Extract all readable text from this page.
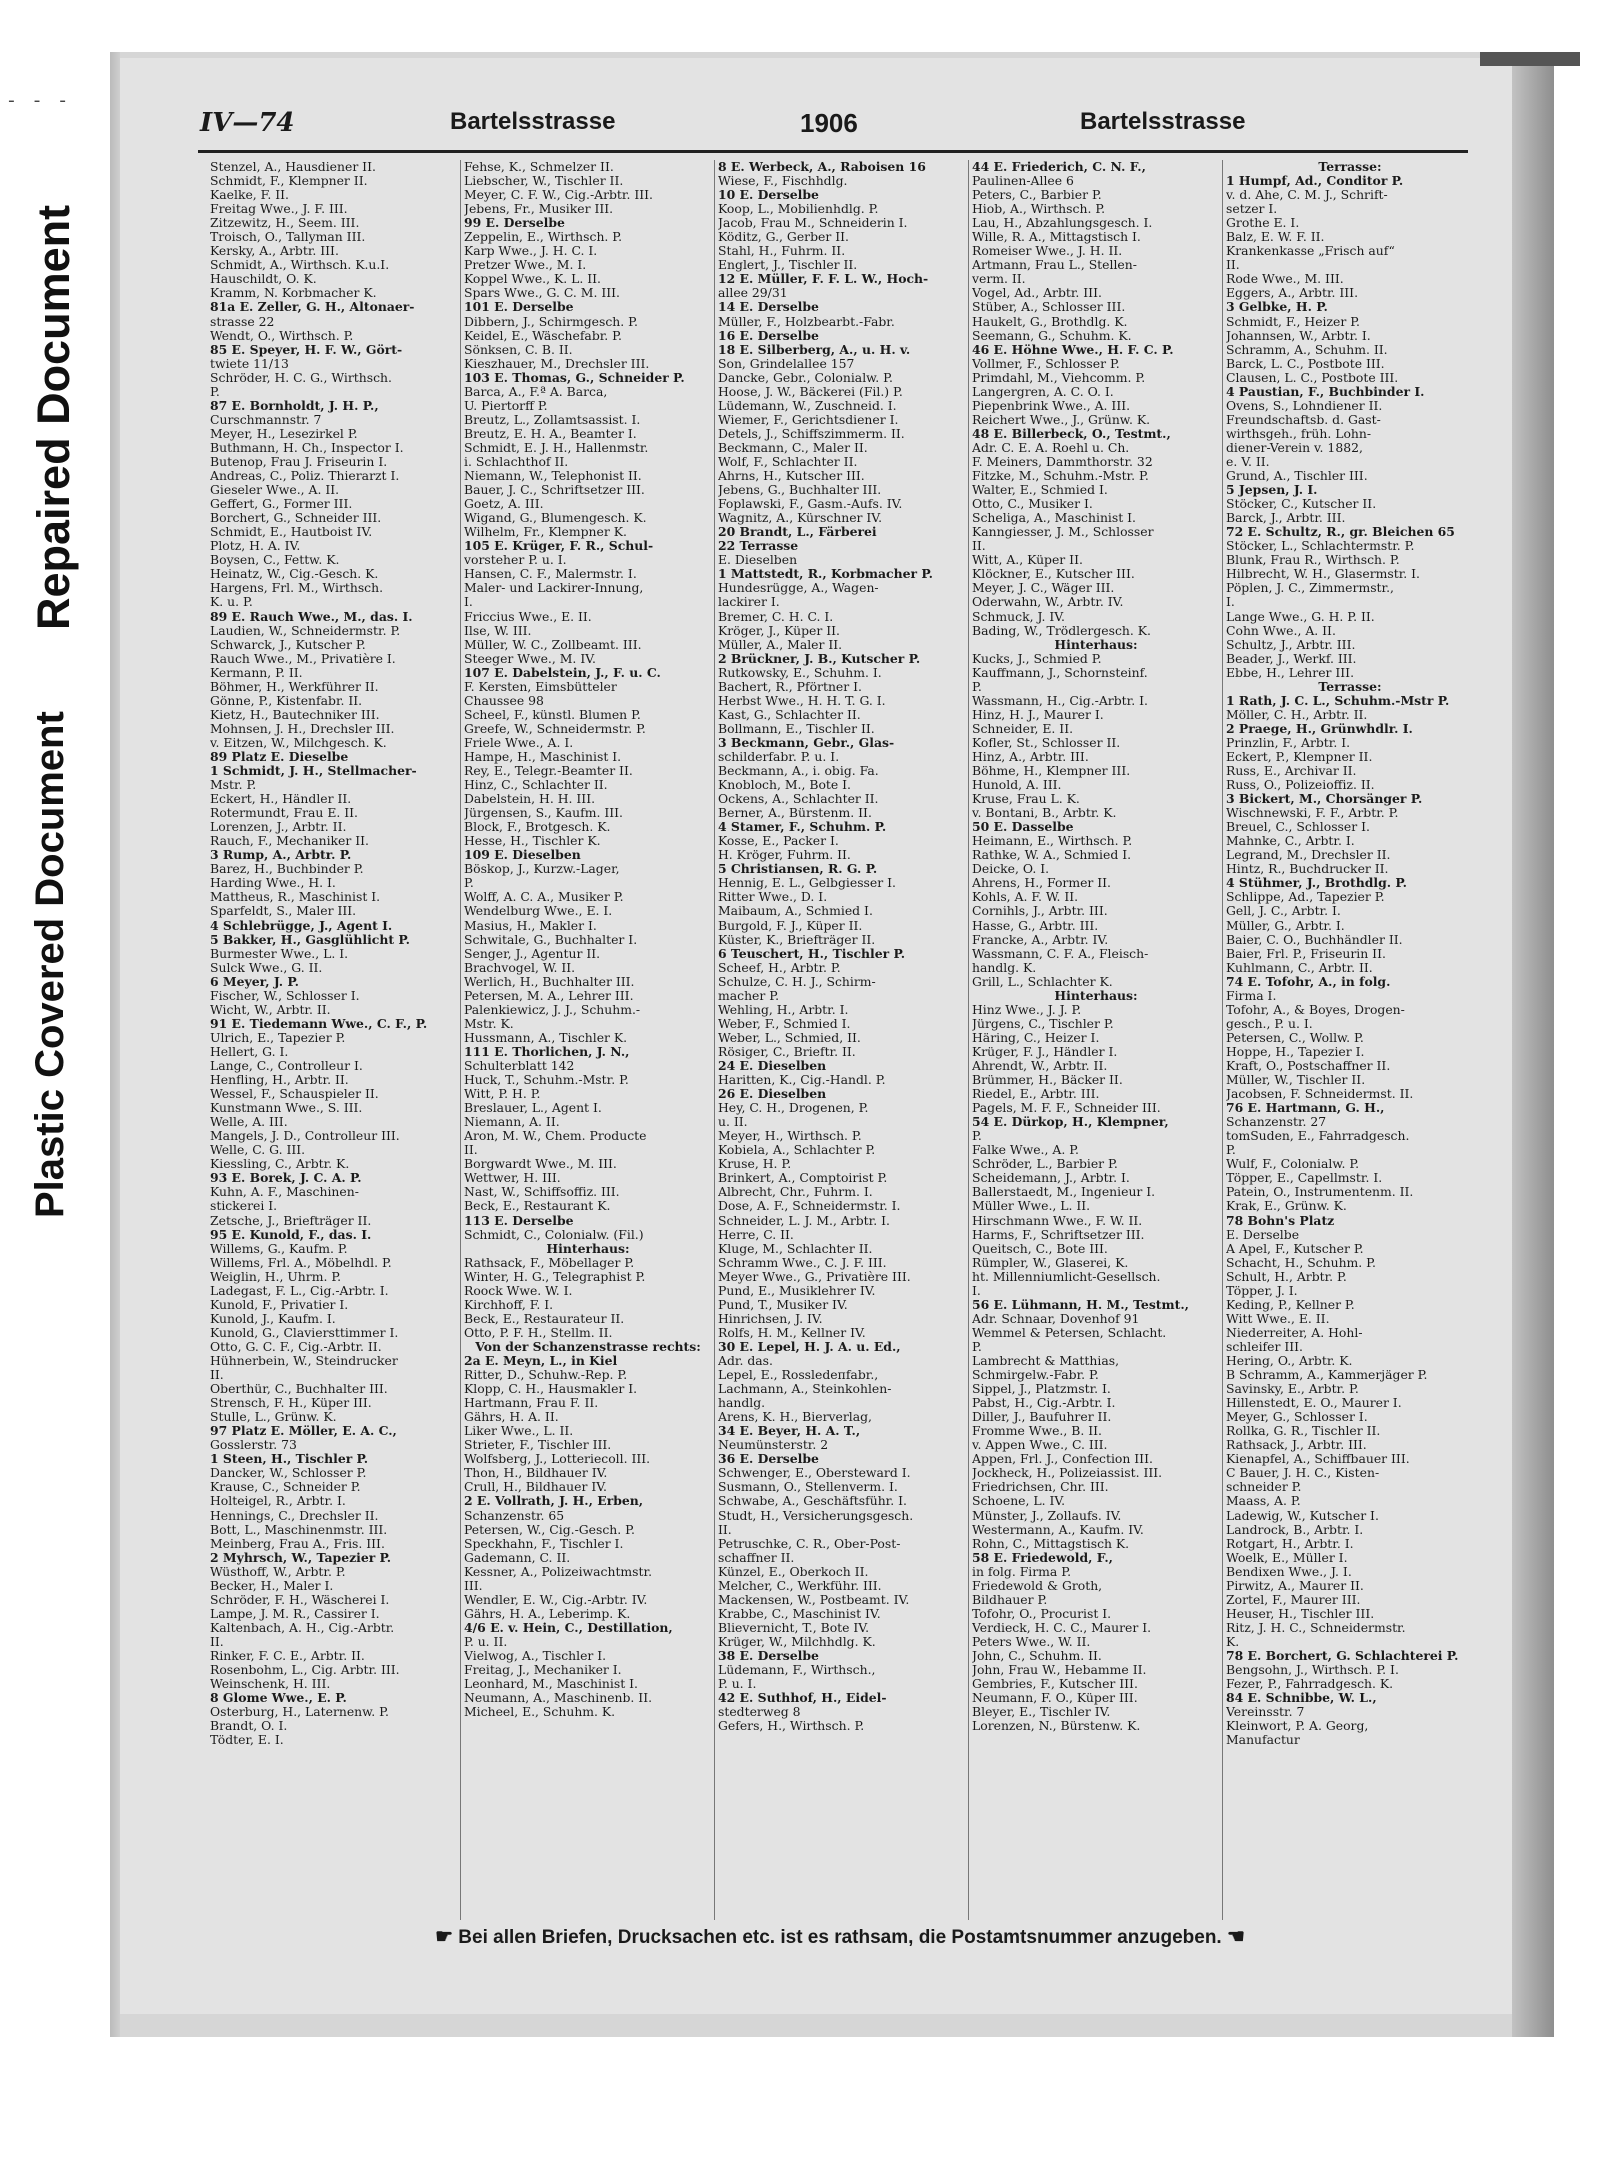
- - -
Plastic Covered Document
Repaired Document
IV—74	Bartelsstrasse	1906	Bartelsstrasse
Stenzel, A., Hausdiener II.
Schmidt, F., Klempner II.
Kaelke, F. II.
Freitag Wwe., J. F. III.
Zitzewitz, H., Seem. III.
Troisch, O., Tallyman III.
Kersky, A., Arbtr. III.
Schmidt, A., Wirthsch. K.u.I.
Hauschildt, O. K.
Kramm, N. Korbmacher K.
81a E. Zeller, G. H., Altonaer-
strasse 22
Wendt, O., Wirthsch. P.
85 E. Speyer, H. F. W., Gört-
twiete 11/13
Schröder, H. C. G., Wirthsch.
P.
87 E. Bornholdt, J. H. P.,
Curschmannstr. 7
Meyer, H., Lesezirkel P.
Buthmann, H. Ch., Inspector I.
Butenop, Frau J. Friseurin I.
Andreas, C., Poliz. Thierarzt I.
Gieseler Wwe., A. II.
Geffert, G., Former III.
Borchert, G., Schneider III.
Schmidt, E., Hautboist IV.
Plotz, H. A. IV.
Boysen, C., Fettw. K.
Heinatz, W., Cig.-Gesch. K.
Hargens, Frl. M., Wirthsch.
K. u. P.
89 E. Rauch Wwe., M., das. I.
Laudien, W., Schneidermstr. P.
Schwarck, J., Kutscher P.
Rauch Wwe., M., Privatière I.
Kermann, P. II.
Böhmer, H., Werkführer II.
Gönne, P., Kistenfabr. II.
Kietz, H., Bautechniker III.
Mohnsen, J. H., Drechsler III.
v. Eitzen, W., Milchgesch. K.
89 Platz E. Dieselbe
1 Schmidt, J. H., Stellmacher-
Mstr. P.
Eckert, H., Händler II.
Rotermundt, Frau E. II.
Lorenzen, J., Arbtr. II.
Rauch, F., Mechaniker II.
3 Rump, A., Arbtr. P.
Barez, H., Buchbinder P.
Harding Wwe., H. I.
Mattheus, R., Maschinist I.
Sparfeldt, S., Maler III.
4 Schlebrügge, J., Agent I.
5 Bakker, H., Gasglühlicht P.
Burmester Wwe., L. I.
Sulck Wwe., G. II.
6 Meyer, J. P.
Fischer, W., Schlosser I.
Wicht, W., Arbtr. II.
91 E. Tiedemann Wwe., C. F., P.
Ulrich, E., Tapezier P.
Hellert, G. I.
Lange, C., Controlleur I.
Henfling, H., Arbtr. II.
Wessel, F., Schauspieler II.
Kunstmann Wwe., S. III.
Welle, A. III.
Mangels, J. D., Controlleur III.
Welle, C. G. III.
Kiessling, C., Arbtr. K.
93 E. Borek, J. C. A. P.
Kuhn, A. F., Maschinen-
stickerei I.
Zetsche, J., Briefträger II.
95 E. Kunold, F., das. I.
Willems, G., Kaufm. P.
Willems, Frl. A., Möbelhdl. P.
Weiglin, H., Uhrm. P.
Ladegast, F. L., Cig.-Arbtr. I.
Kunold, F., Privatier I.
Kunold, J., Kaufm. I.
Kunold, G., Claviersttimmer I.
Otto, G. C. F., Cig.-Arbtr. II.
Hühnerbein, W., Steindrucker
II.
Oberthür, C., Buchhalter III.
Strensch, F. H., Küper III.
Stulle, L., Grünw. K.
97 Platz E. Möller, E. A. C.,
Gosslerstr. 73
1 Steen, H., Tischler P.
Dancker, W., Schlosser P.
Krause, C., Schneider P.
Holteigel, R., Arbtr. I.
Hennings, C., Drechsler II.
Bott, L., Maschinenmstr. III.
Meinberg, Frau A., Fris. III.
2 Myhrsch, W., Tapezier P.
Wüsthoff, W., Arbtr. P.
Becker, H., Maler I.
Schröder, F. H., Wäscherei I.
Lampe, J. M. R., Cassirer I.
Kaltenbach, A. H., Cig.-Arbtr.
II.
Rinker, F. C. E., Arbtr. II.
Rosenbohm, L., Cig. Arbtr. III.
Weinschenk, H. III.
8 Glome Wwe., E. P.
Osterburg, H., Laternenw. P.
Brandt, O. I.
Tödter, E. I.
Fehse, K., Schmelzer II.
Liebscher, W., Tischler II.
Meyer, C. F. W., Cig.-Arbtr. III.
Jebens, Fr., Musiker III.
99 E. Derselbe
Zeppelin, E., Wirthsch. P.
Karp Wwe., J. H. C. I.
Pretzer Wwe., M. I.
Koppel Wwe., K. L. II.
Spars Wwe., G. C. M. III.
101 E. Derselbe
Dibbern, J., Schirmgesch. P.
Keidel, E., Wäschefabr. P.
Sönksen, C. B. II.
Kieszhauer, M., Drechsler III.
103 E. Thomas, G., Schneider P.
Barca, A., F.ª A. Barca,
U. Piertorff P.
Breutz, L., Zollamtsassist. I.
Breutz, E. H. A., Beamter I.
Schmidt, E. J. H., Hallenmstr.
i. Schlachthof II.
Niemann, W., Telephonist II.
Bauer, J. C., Schriftsetzer III.
Goetz, A. III.
Wigand, G., Blumengesch. K.
Wilhelm, Fr., Klempner K.
105 E. Krüger, F. R., Schul-
vorsteher P. u. I.
Hansen, C. F., Malermstr. I.
Maler- und Lackirer-Innung,
I.
Friccius Wwe., E. II.
Ilse, W. III.
Müller, W. C., Zollbeamt. III.
Steeger Wwe., M. IV.
107 E. Dabelstein, J., F. u. C.
F. Kersten, Eimsbütteler
Chaussee 98
Scheel, F., künstl. Blumen P.
Greefe, W., Schneidermstr. P.
Friele Wwe., A. I.
Hampe, H., Maschinist I.
Rey, E., Telegr.-Beamter II.
Hinz, C., Schlachter II.
Dabelstein, H. H. III.
Jürgensen, S., Kaufm. III.
Block, F., Brotgesch. K.
Hesse, H., Tischler K.
109 E. Dieselben
Böskop, J., Kurzw.-Lager,
P.
Wolff, A. C. A., Musiker P.
Wendelburg Wwe., E. I.
Masius, H., Makler I.
Schwitale, G., Buchhalter I.
Senger, J., Agentur II.
Brachvogel, W. II.
Werlich, H., Buchhalter III.
Petersen, M. A., Lehrer III.
Palenkiewicz, J. J., Schuhm.-
Mstr. K.
Hussmann, A., Tischler K.
111 E. Thorlichen, J. N.,
Schulterblatt 142
Huck, T., Schuhm.-Mstr. P.
Witt, P. H. P.
Breslauer, L., Agent I.
Niemann, A. II.
Aron, M. W., Chem. Producte
II.
Borgwardt Wwe., M. III.
Wettwer, H. III.
Nast, W., Schiffsoffiz. III.
Beck, E., Restaurant K.
113 E. Derselbe
Schmidt, C., Colonialw. (Fil.)
Hinterhaus:
Rathsack, F., Möbellager P.
Winter, H. G., Telegraphist P.
Roock Wwe. W. I.
Kirchhoff, F. I.
Beck, E., Restaurateur II.
Otto, P. F. H., Stellm. II.
Von der Schanzenstrasse rechts:
2a E. Meyn, L., in Kiel
Ritter, D., Schuhw.-Rep. P.
Klopp, C. H., Hausmakler I.
Hartmann, Frau F. II.
Gährs, H. A. II.
Liker Wwe., L. II.
Strieter, F., Tischler III.
Wolfsberg, J., Lotteriecoll. III.
Thon, H., Bildhauer IV.
Crull, H., Bildhauer IV.
2 E. Vollrath, J. H., Erben,
Schanzenstr. 65
Petersen, W., Cig.-Gesch. P.
Speckhahn, F., Tischler I.
Gademann, C. II.
Kessner, A., Polizeiwachtmstr.
III.
Wendler, E. W., Cig.-Arbtr. IV.
Gährs, H. A., Leberimp. K.
4/6 E. v. Hein, C., Destillation,
P. u. II.
Vielwog, A., Tischler I.
Freitag, J., Mechaniker I.
Leonhard, M., Maschinist I.
Neumann, A., Maschinenb. II.
Micheel, E., Schuhm. K.
8 E. Werbeck, A., Raboisen 16
Wiese, F., Fischhdlg.
10 E. Derselbe
Koop, L., Mobilienhdlg. P.
Jacob, Frau M., Schneiderin I.
Köditz, G., Gerber II.
Stahl, H., Fuhrm. II.
Englert, J., Tischler II.
12 E. Müller, F. F. L. W., Hoch-
allee 29/31
14 E. Derselbe
Müller, F., Holzbearbt.-Fabr.
16 E. Derselbe
18 E. Silberberg, A., u. H. v.
Son, Grindelallee 157
Dancke, Gebr., Colonialw. P.
Hoose, J. W., Bäckerei (Fil.) P.
Lüdemann, W., Zuschneid. I.
Wiemer, F., Gerichtsdiener I.
Detels, J., Schiffszimmerm. II.
Beckmann, C., Maler II.
Wolf, F., Schlachter II.
Ahrns, H., Kutscher III.
Jebens, G., Buchhalter III.
Foplawski, F., Gasm.-Aufs. IV.
Wagnitz, A., Kürschner IV.
20 Brandt, L., Färberei
22 Terrasse
E. Dieselben
1 Mattstedt, R., Korbmacher P.
Hundesrügge, A., Wagen-
lackirer I.
Bremer, C. H. C. I.
Kröger, J., Küper II.
Müller, A., Maler II.
2 Brückner, J. B., Kutscher P.
Rutkowsky, E., Schuhm. I.
Bachert, R., Pförtner I.
Herbst Wwe., H. H. T. G. I.
Kast, G., Schlachter II.
Bollmann, E., Tischler II.
3 Beckmann, Gebr., Glas-
schilderfabr. P. u. I.
Beckmann, A., i. obig. Fa.
Knobloch, M., Bote I.
Ockens, A., Schlachter II.
Berner, A., Bürstenm. II.
4 Stamer, F., Schuhm. P.
Kosse, E., Packer I.
H. Kröger, Fuhrm. II.
5 Christiansen, R. G. P.
Hennig, E. L., Gelbgiesser I.
Ritter Wwe., D. I.
Maibaum, A., Schmied I.
Burgold, F. J., Küper II.
Küster, K., Briefträger II.
6 Teuschert, H., Tischler P.
Scheef, H., Arbtr. P.
Schulze, C. H. J., Schirm-
macher P.
Wehling, H., Arbtr. I.
Weber, F., Schmied I.
Weber, L., Schmied, II.
Rösiger, C., Brieftr. II.
24 E. Dieselben
Haritten, K., Cig.-Handl. P.
26 E. Dieselben
Hey, C. H., Drogenen, P.
u. II.
Meyer, H., Wirthsch. P.
Kobiela, A., Schlachter P.
Kruse, H. P.
Brinkert, A., Comptoirist P.
Albrecht, Chr., Fuhrm. I.
Dose, A. F., Schneidermstr. I.
Schneider, L. J. M., Arbtr. I.
Herre, C. II.
Kluge, M., Schlachter II.
Schramm Wwe., C. J. F. III.
Meyer Wwe., G., Privatière III.
Pund, E., Musiklehrer IV.
Pund, T., Musiker IV.
Hinrichsen, J. IV.
Rolfs, H. M., Kellner IV.
30 E. Lepel, H. J. A. u. Ed.,
Adr. das.
Lepel, E., Rossledeпfabr.,
Lachmann, A., Steinkohlen-
handlg.
Arens, K. H., Bierverlag,
34 E. Beyer, H. A. T.,
Neumünsterstr. 2
36 E. Derselbe
Schwenger, E., Obersteward I.
Susmann, O., Stellenverm. I.
Schwabe, A., Geschäftsführ. I.
Studt, H., Versicherungsgesch.
II.
Petruschke, C. R., Ober-Post-
schaffner II.
Künzel, E., Oberkoch II.
Melcher, C., Werkführ. III.
Mackensen, W., Postbeamt. IV.
Krabbe, C., Maschinist IV.
Blievernicht, T., Bote IV.
Krüger, W., Milchhdlg. K.
38 E. Derselbe
Lüdemann, F., Wirthsch.,
P. u. I.
42 E. Suthhof, H., Eidel-
stedterweg 8
Gefers, H., Wirthsch. P.
44 E. Friederich, C. N. F.,
Paulinen-Allee 6
Peters, C., Barbier P.
Hiob, A., Wirthsch. P.
Lau, H., Abzahlungsgesch. I.
Wille, R. A., Mittagstisch I.
Romeiser Wwe., J. H. II.
Artmann, Frau L., Stellen-
verm. II.
Vogel, Ad., Arbtr. III.
Stüber, A., Schlosser III.
Haukelt, G., Brothdlg. K.
Seemann, G., Schuhm. K.
46 E. Höhne Wwe., H. F. C. P.
Vollmer, F., Schlosser P.
Primdahl, M., Viehcomm. P.
Langergren, A. C. O. I.
Piepenbrink Wwe., A. III.
Reichert Wwe., J., Grünw. K.
48 E. Billerbeck, O., Testmt.,
Adr. C. E. A. Roehl u. Ch.
F. Meiners, Dammthorstr. 32
Fitzke, M., Schuhm.-Mstr. P.
Walter, E., Schmied I.
Otto, C., Musiker I.
Scheliga, A., Maschinist I.
Kanngiesser, J. M., Schlosser
II.
Witt, A., Küper II.
Klöckner, E., Kutscher III.
Meyer, J. C., Wäger III.
Oderwahn, W., Arbtr. IV.
Schmuck, J. IV.
Bading, W., Trödlergesch. K.
Hinterhaus:
Kucks, J., Schmied P.
Kauffmann, J., Schornsteinf.
P.
Wassmann, H., Cig.-Arbtr. I.
Hinz, H. J., Maurer I.
Schneider, E. II.
Kofler, St., Schlosser II.
Hinz, A., Arbtr. III.
Böhme, H., Klempner III.
Hunold, A. III.
Kruse, Frau L. K.
v. Bontani, B., Arbtr. K.
50 E. Dasselbe
Heimann, E., Wirthsch. P.
Rathke, W. A., Schmied I.
Deicke, O. I.
Ahrens, H., Former II.
Kohls, A. F. W. II.
Cornihls, J., Arbtr. III.
Hasse, G., Arbtr. III.
Francke, A., Arbtr. IV.
Wassmann, C. F. A., Fleisch-
handlg. K.
Grill, L., Schlachter K.
Hinterhaus:
Hinz Wwe., J. J. P.
Jürgens, C., Tischler P.
Häring, C., Heizer I.
Krüger, F. J., Händler I.
Ahrendt, W., Arbtr. II.
Brümmer, H., Bäcker II.
Riedel, E., Arbtr. III.
Pagels, M. F. F., Schneider III.
54 E. Dürkop, H., Klempner,
P.
Falke Wwe., A. P.
Schröder, L., Barbier P.
Scheidemann, J., Arbtr. I.
Ballerstaedt, M., Ingenieur I.
Müller Wwe., L. II.
Hirschmann Wwe., F. W. II.
Harms, F., Schriftsetzer III.
Queitsch, C., Bote III.
Rümpler, W., Glaserei, K.
ht. Millenniumlicht-Gesellsch.
I.
56 E. Lühmann, H. M., Testmt.,
Adr. Schnaar, Dovenhof 91
Wemmel & Petersen, Schlacht.
P.
Lambrecht & Matthias,
Schmirgelw.-Fabr. P.
Sippel, J., Platzmstr. I.
Pabst, H., Cig.-Arbtr. I.
Diller, J., Baufuhrer II.
Fromme Wwe., B. II.
v. Appen Wwe., C. III.
Appen, Frl. J., Confection III.
Jockheck, H., Polizeiassist. III.
Friedrichsen, Chr. III.
Schoene, L. IV.
Münster, J., Zollaufs. IV.
Westermann, A., Kaufm. IV.
Rohn, C., Mittagstisch K.
58 E. Friedewold, F.,
in folg. Firma P.
Friedewold & Groth,
Bildhauer P.
Tofohr, O., Procurist I.
Verdieck, H. C. C., Maurer I.
Peters Wwe., W. II.
John, C., Schuhm. II.
John, Frau W., Hebamme II.
Gembries, F., Kutscher III.
Neumann, F. O., Küper III.
Bleyer, E., Tischler IV.
Lorenzen, N., Bürstenw. K.
Terrasse:
1 Humpf, Ad., Conditor P.
v. d. Ahe, C. M. J., Schrift-
setzer I.
Grothe E. I.
Balz, E. W. F. II.
Krankenkasse „Frisch auf“
II.
Rode Wwe., M. III.
Eggers, A., Arbtr. III.
3 Gelbke, H. P.
Schmidt, F., Heizer P.
Johannsen, W., Arbtr. I.
Schramm, A., Schuhm. II.
Barck, L. C., Postbote III.
Clausen, L. C., Postbote III.
4 Paustian, F., Buchbinder I.
Ovens, S., Lohndiener II.
Freundschaftsb. d. Gast-
wirthsgeh., früh. Lohn-
diener-Verein v. 1882,
e. V. II.
Grund, A., Tischler III.
5 Jepsen, J. I.
Stöcker, C., Kutscher II.
Barck, J., Arbtr. III.
72 E. Schultz, R., gr. Bleichen 65
Stöcker, L., Schlachtermstr. P.
Blunk, Frau R., Wirthsch. P.
Hilbrecht, W. H., Glasermstr. I.
Pöplen, J. C., Zimmermstr.,
I.
Lange Wwe., G. H. P. II.
Cohn Wwe., A. II.
Schultz, J., Arbtr. III.
Beader, J., Werkf. III.
Ebbe, H., Lehrer III.
Terrasse:
1 Rath, J. C. L., Schuhm.-Mstr P.
Möller, C. H., Arbtr. II.
2 Praege, H., Grünwhdlr. I.
Prinzlin, F., Arbtr. I.
Eckert, P., Klempner II.
Russ, E., Archivar II.
Russ, O., Polizeioffiz. II.
3 Bickert, M., Chorsänger P.
Wischnewski, F. F., Arbtr. P.
Breuel, C., Schlosser I.
Mahnke, C., Arbtr. I.
Legrand, M., Drechsler II.
Hintz, R., Buchdrucker II.
4 Stühmer, J., Brothdlg. P.
Schlippe, Ad., Tapezier P.
Gell, J. C., Arbtr. I.
Müller, G., Arbtr. I.
Baier, C. O., Buchhändler II.
Baier, Frl. P., Friseurin II.
Kuhlmann, C., Arbtr. II.
74 E. Tofohr, A., in folg.
Firma I.
Tofohr, A., & Boyes, Drogen-
gesch., P. u. I.
Petersen, C., Wollw. P.
Hoppe, H., Tapezier I.
Kraft, O., Postschaffner II.
Müller, W., Tischler II.
Jacobsen, F. Schneidermst. II.
76 E. Hartmann, G. H.,
Schanzenstr. 27
tomSuden, E., Fahrradgesch.
P.
Wulf, F., Colonialw. P.
Töpper, E., Capellmstr. I.
Patein, O., Instrumentenm. II.
Krak, E., Grünw. K.
78 Bohn's Platz
E. Derselbe
A Apel, F., Kutscher P.
Schacht, H., Schuhm. P.
Schult, H., Arbtr. P.
Töpper, J. I.
Keding, P., Kellner P.
Witt Wwe., E. II.
Niederreiter, A. Hohl-
schleifer III.
Hering, O., Arbtr. K.
B Schramm, A., Kammerjäger P.
Savinsky, E., Arbtr. P.
Hillenstedt, E. O., Maurer I.
Meyer, G., Schlosser I.
Rollka, G. R., Tischler II.
Rathsack, J., Arbtr. III.
Kienapfel, A., Schiffbauer III.
C Bauer, J. H. C., Kisten-
schneider P.
Maass, A. P.
Ladewig, W., Kutscher I.
Landrock, B., Arbtr. I.
Rotgart, H., Arbtr. I.
Woelk, E., Müller I.
Bendixen Wwe., J. I.
Pirwitz, A., Maurer II.
Zortel, F., Maurer III.
Heuser, H., Tischler III.
Ritz, J. H. C., Schneidermstr.
K.
78 E. Borchert, G. Schlachterei P.
Bengsohn, J., Wirthsch. P. I.
Fezer, P., Fahrradgesch. K.
84 E. Schnibbe, W. L.,
Vereinsstr. 7
Kleinwort, P. A. Georg,
Manufactur
☛ Bei allen Briefen, Drucksachen etc. ist es rathsam, die Postamtsnummer anzugeben. ☚
